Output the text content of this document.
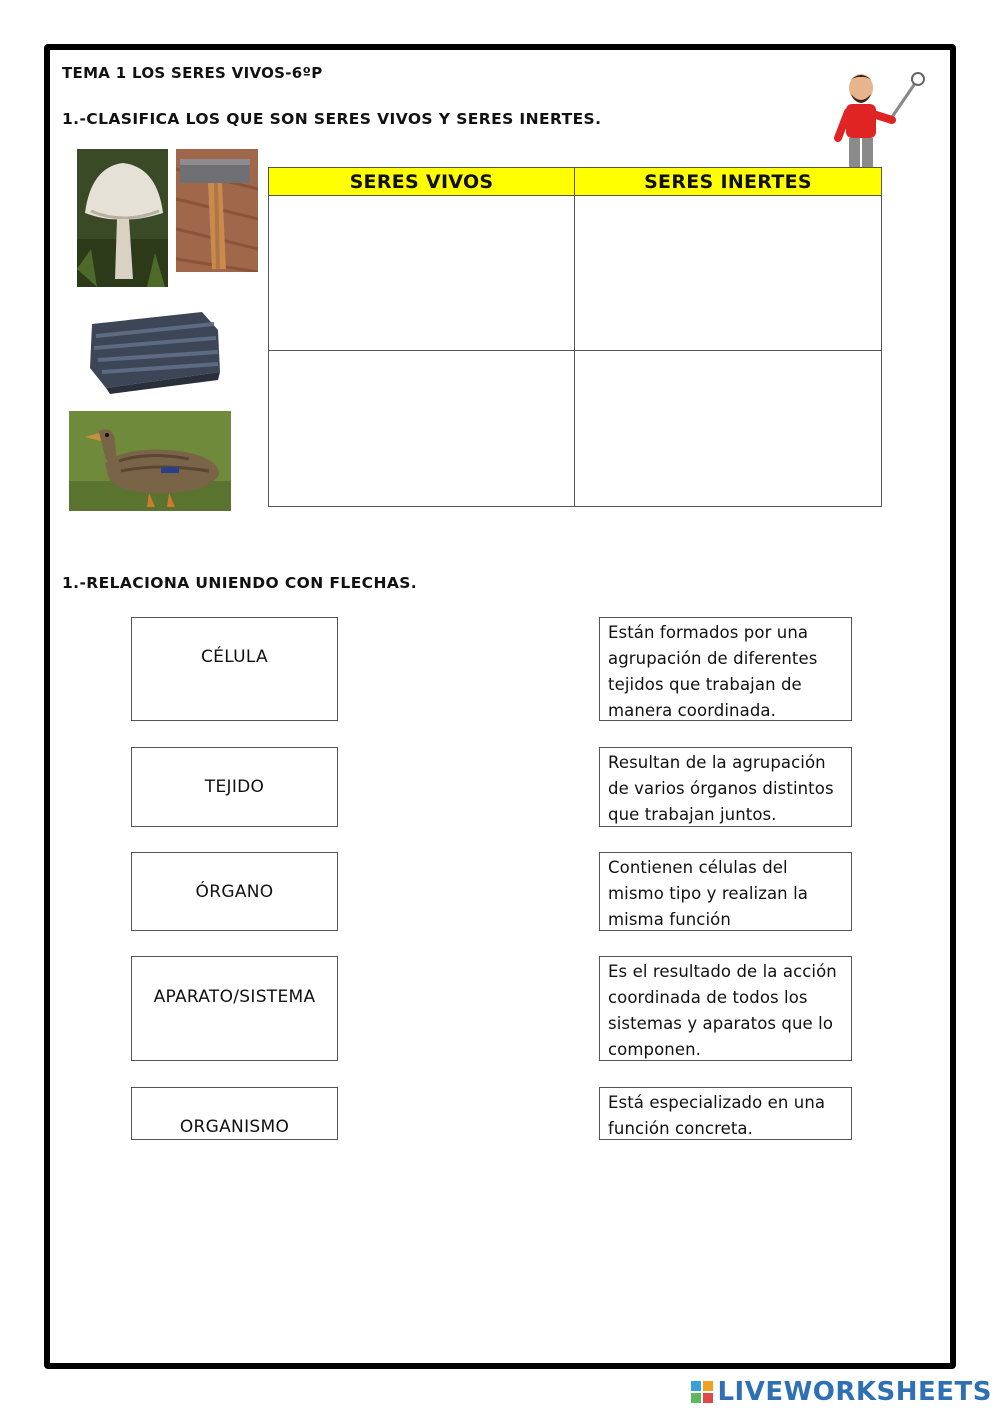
TEMA 1 LOS SERES VIVOS-6ºP
1.-CLASIFICA LOS QUE SON SERES VIVOS Y SERES INERTES.
SERES VIVOS	SERES INERTES
1.-RELACIONA UNIENDO CON FLECHAS.
CÉLULA
TEJIDO
ÓRGANO
APARATO/SISTEMA
ORGANISMO
Están formados por una agrupación de diferentes tejidos que trabajan de manera coordinada.
Resultan de la agrupación de varios órganos distintos que trabajan juntos.
Contienen células del mismo tipo y realizan la misma función
Es el resultado de la acción coordinada de todos los sistemas y aparatos que lo componen.
Está especializado en una función concreta.
LIVEWORKSHEETS
